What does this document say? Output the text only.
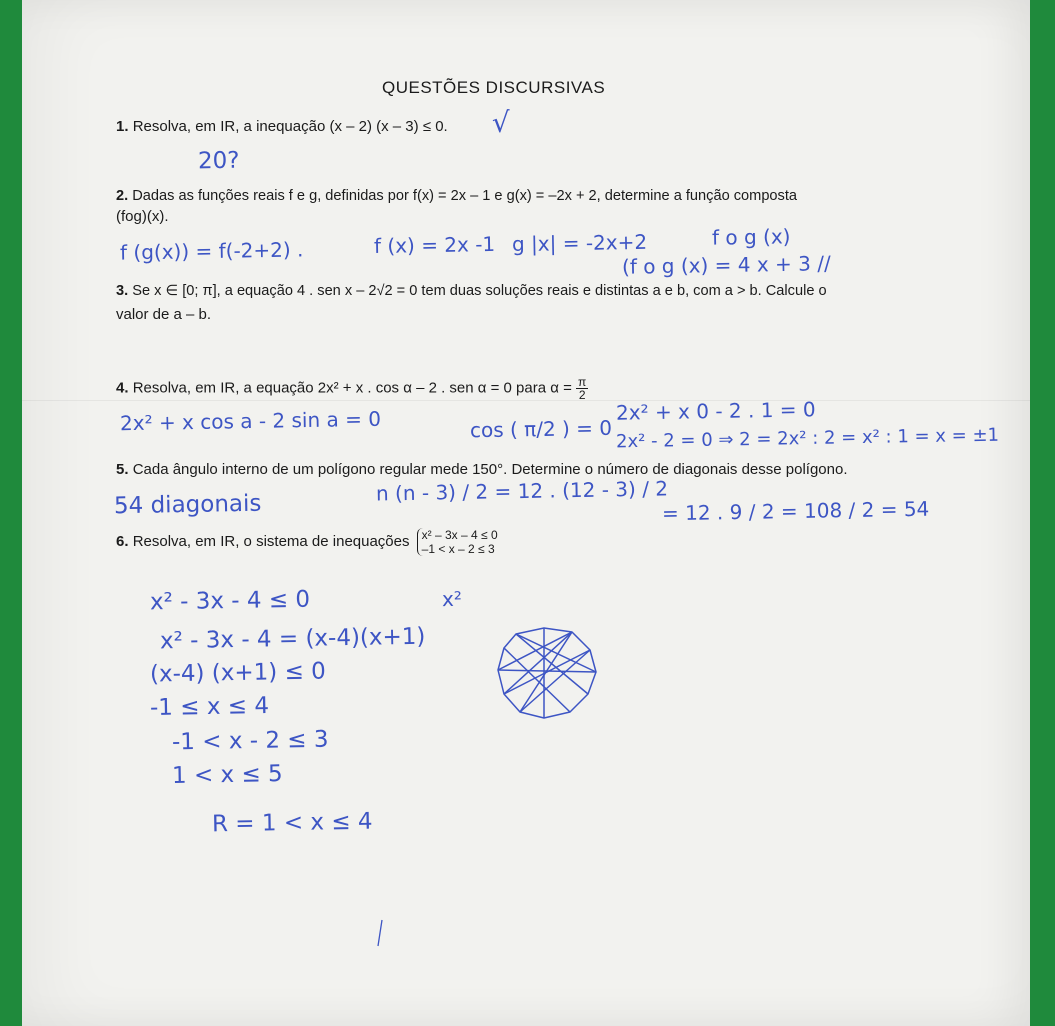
QUESTÕES DISCURSIVAS
1. Resolva, em IR, a inequação (x – 2) (x – 3) ≤ 0.
2. Dadas as funções reais f e g, definidas por f(x) = 2x – 1 e g(x) = –2x + 2, determine a função composta
(fog)(x).
3. Se x ∈ [0; π], a equação 4 . sen x – 2√2 = 0 tem duas soluções reais e distintas a e b, com a > b. Calcule o
valor de a – b.
4. Resolva, em IR, a equação 2x² + x . cos α – 2 . sen α = 0 para $\alpha = \frac{\pi}{2}$
5. Cada ângulo interno de um polígono regular mede 150°. Determine o número de diagonais desse polígono.
6. Resolva, em IR, o sistema de inequações x² – 3x – 4 ≤ 0
–1 < x – 2 ≤ 3
√
20?
f (g(x)) = f(-2+2) .	f (x) = 2x -1 g |x| = -2x+2	f o g (x)
(f o g (x) = 4 x + 3 //
2x² + x cos a - 2 sin a = 0	cos ( π/2 ) = 0
2x² + x 0 - 2 . 1 = 0
2x² - 2 = 0 ⇒ 2 = 2x² : 2 = x² : 1 = x = ±1
54 diagonais	n (n - 3) / 2 = 12 . (12 - 3) / 2
= 12 . 9 / 2 = 108 / 2 = 54
x² - 3x - 4 ≤ 0	x²
x² - 3x - 4 = (x-4)(x+1)
(x-4) (x+1) ≤ 0
-1 ≤ x ≤ 4
-1 < x - 2 ≤ 3
1 < x ≤ 5
R = 1 < x ≤ 4
